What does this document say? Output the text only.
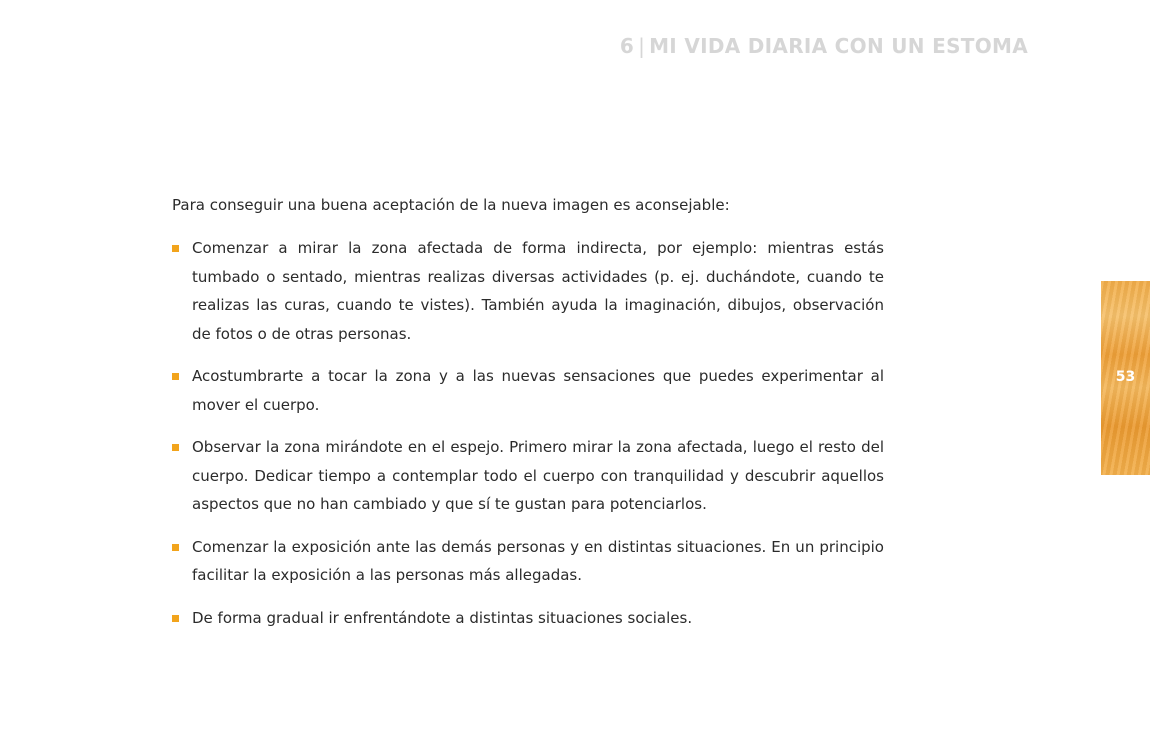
6 | MI VIDA DIARIA CON UN ESTOMA

Para conseguir una buena aceptación de la nueva imagen es aconsejable:

Comenzar a mirar la zona afectada de forma indirecta, por ejemplo: mientras estás tumbado o sentado, mientras realizas diversas actividades (p. ej. duchándote, cuando te realizas las curas, cuando te vistes). También ayuda la imaginación, dibujos, observación de fotos o de otras personas.
Acostumbrarte a tocar la zona y a las nuevas sensaciones que puedes experimentar al mover el cuerpo.
Observar la zona mirándote en el espejo. Primero mirar la zona afectada, luego el resto del cuerpo. Dedicar tiempo a contemplar todo el cuerpo con tranquilidad y descubrir aquellos aspectos que no han cambiado y que sí te gustan para potenciarlos.
Comenzar la exposición ante las demás personas y en distintas situaciones. En un principio facilitar la exposición a las personas más allegadas.
De forma gradual ir enfrentándote a distintas situaciones sociales.
53
